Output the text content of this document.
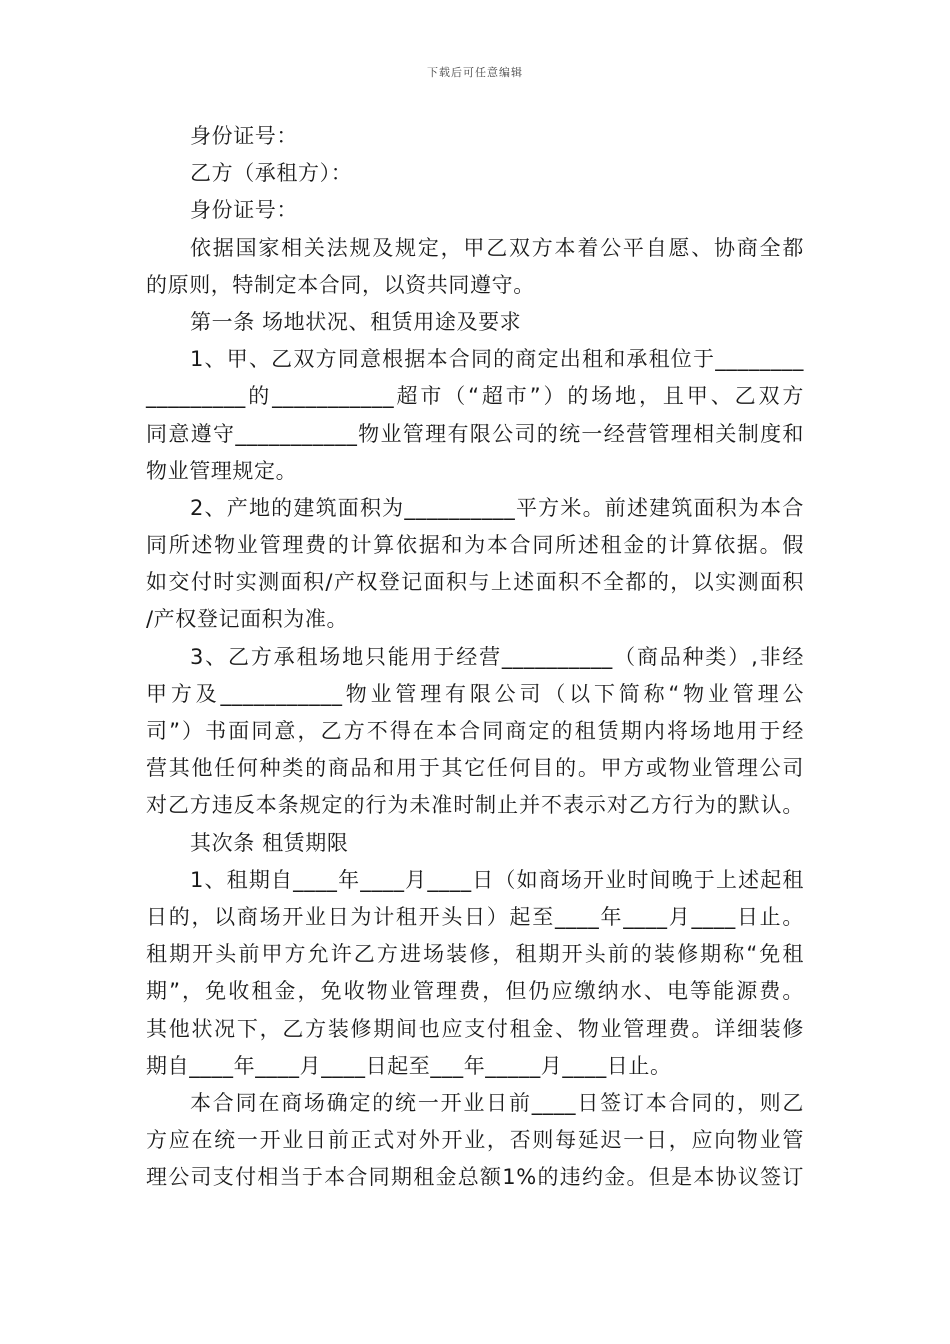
下载后可任意编辑
身份证号：
乙方（承租方）：
身份证号：
依据国家相关法规及规定，甲乙双方本着公平自愿、协商全都
的原则，特制定本合同，以资共同遵守。
第一条 场地状况、租赁用途及要求
1、甲、乙双方同意根据本合同的商定出租和承租位于________
_________的___________超市（“超市”）的场地，且甲、乙双方
同意遵守___________物业管理有限公司的统一经营管理相关制度和
物业管理规定。
2、产地的建筑面积为__________平方米。前述建筑面积为本合
同所述物业管理费的计算依据和为本合同所述租金的计算依据。假
如交付时实测面积/产权登记面积与上述面积不全都的，以实测面积
/产权登记面积为准。
3、乙方承租场地只能用于经营__________（商品种类）,非经
甲方及___________物业管理有限公司（以下简称“物业管理公
司”）书面同意，乙方不得在本合同商定的租赁期内将场地用于经
营其他任何种类的商品和用于其它任何目的。甲方或物业管理公司
对乙方违反本条规定的行为未准时制止并不表示对乙方行为的默认。
其次条 租赁期限
1、租期自____年____月____日（如商场开业时间晚于上述起租
日的，以商场开业日为计租开头日）起至____年____月____日止。
租期开头前甲方允许乙方进场装修，租期开头前的装修期称“免租
期”，免收租金，免收物业管理费，但仍应缴纳水、电等能源费。
其他状况下，乙方装修期间也应支付租金、物业管理费。详细装修
期自____年____月____日起至___年_____月____日止。
本合同在商场确定的统一开业日前____日签订本合同的，则乙
方应在统一开业日前正式对外开业，否则每延迟一日，应向物业管
理公司支付相当于本合同期租金总额1%的违约金。但是本协议签订
